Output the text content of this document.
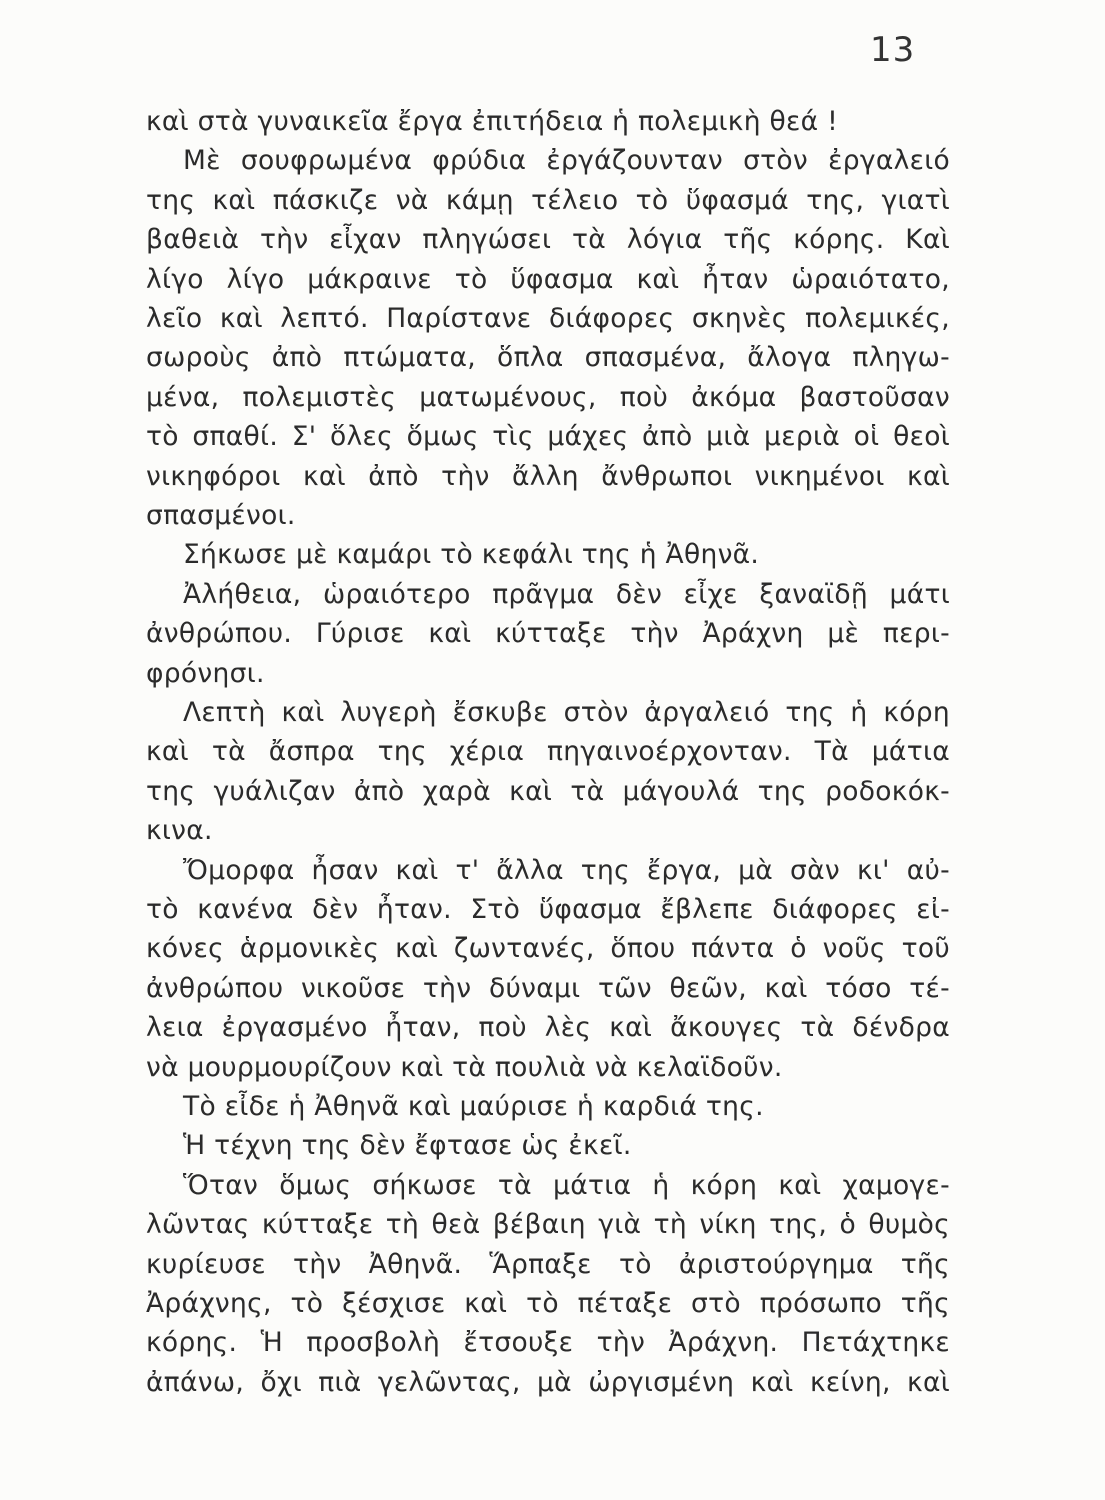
13
καὶ στὰ γυναικεῖα ἔργα ἐπιτήδεια ἡ πολεμικὴ θεά !
Μὲ σουφρωμένα φρύδια ἐργάζουνταν στὸν ἐργαλειό
της καὶ πάσκιζε νὰ κάμῃ τέλειο τὸ ὕφασμά της, γιατὶ
βαθειὰ τὴν εἶχαν πληγώσει τὰ λόγια τῆς κόρης. Καὶ
λίγο λίγο μάκραινε τὸ ὕφασμα καὶ ἦταν ὡραιότατο,
λεῖο καὶ λεπτό. Παρίστανε διάφορες σκηνὲς πολεμικές,
σωροὺς ἀπὸ πτώματα, ὅπλα σπασμένα, ἄλογα πληγω-
μένα, πολεμιστὲς ματωμένους, ποὺ ἀκόμα βαστοῦσαν
τὸ σπαθί. Σ' ὅλες ὅμως τὶς μάχες ἀπὸ μιὰ μεριὰ οἱ θεοὶ
νικηφόροι καὶ ἀπὸ τὴν ἄλλη ἄνθρωποι νικημένοι καὶ
σπασμένοι.
Σήκωσε μὲ καμάρι τὸ κεφάλι της ἡ Ἀθηνᾶ.
Ἀλήθεια, ὡραιότερο πρᾶγμα δὲν εἶχε ξαναϊδῇ μάτι
ἀνθρώπου. Γύρισε καὶ κύτταξε τὴν Ἀράχνη μὲ περι-
φρόνησι.
Λεπτὴ καὶ λυγερὴ ἔσκυβε στὸν ἀργαλειό της ἡ κόρη
καὶ τὰ ἄσπρα της χέρια πηγαινοέρχονταν. Τὰ μάτια
της γυάλιζαν ἀπὸ χαρὰ καὶ τὰ μάγουλά της ροδοκόκ-
κινα.
Ὄμορφα ἦσαν καὶ τ' ἄλλα της ἔργα, μὰ σὰν κι' αὐ-
τὸ κανένα δὲν ἦταν. Στὸ ὕφασμα ἔβλεπε διάφορες εἰ-
κόνες ἁρμονικὲς καὶ ζωντανές, ὅπου πάντα ὁ νοῦς τοῦ
ἀνθρώπου νικοῦσε τὴν δύναμι τῶν θεῶν, καὶ τόσο τέ-
λεια ἐργασμένο ἦταν, ποὺ λὲς καὶ ἄκουγες τὰ δένδρα
νὰ μουρμουρίζουν καὶ τὰ πουλιὰ νὰ κελαϊδοῦν.
Τὸ εἶδε ἡ Ἀθηνᾶ καὶ μαύρισε ἡ καρδιά της.
Ἡ τέχνη της δὲν ἔφτασε ὡς ἐκεῖ.
Ὅταν ὅμως σήκωσε τὰ μάτια ἡ κόρη καὶ χαμογε-
λῶντας κύτταξε τὴ θεὰ βέβαιη γιὰ τὴ νίκη της, ὁ θυμὸς
κυρίευσε τὴν Ἀθηνᾶ. Ἅρπαξε τὸ ἀριστούργημα τῆς
Ἀράχνης, τὸ ξέσχισε καὶ τὸ πέταξε στὸ πρόσωπο τῆς
κόρης. Ἡ προσβολὴ ἔτσουξε τὴν Ἀράχνη. Πετάχτηκε
ἀπάνω, ὄχι πιὰ γελῶντας, μὰ ὠργισμένη καὶ κείνη, καὶ
